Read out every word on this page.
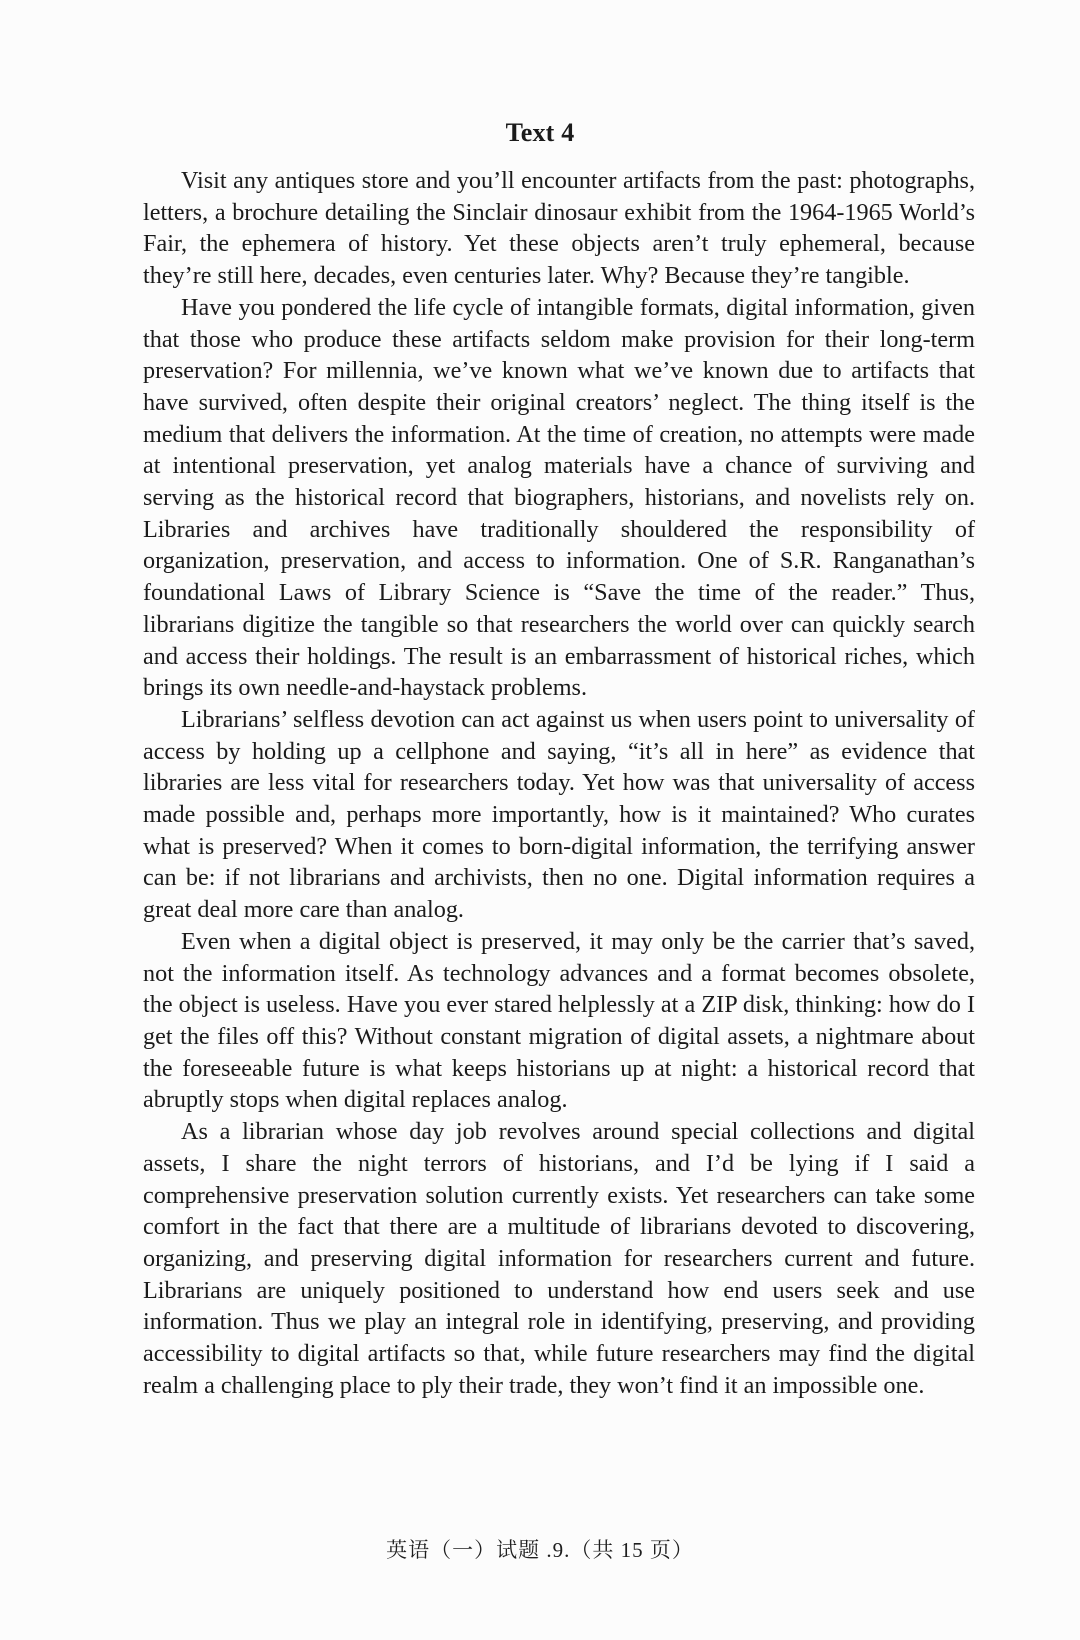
Text 4

Visit any antiques store and you’ll encounter artifacts from the past: photographs, letters, a brochure detailing the Sinclair dinosaur exhibit from the 1964-1965 World’s Fair, the ephemera of history. Yet these objects aren’t truly ephemeral, because they’re still here, decades, even centuries later. Why? Because they’re tangible.

Have you pondered the life cycle of intangible formats, digital information, given that those who produce these artifacts seldom make provision for their long-term preservation? For millennia, we’ve known what we’ve known due to artifacts that have survived, often despite their original creators’ neglect. The thing itself is the medium that delivers the information. At the time of creation, no attempts were made at intentional preservation, yet analog materials have a chance of surviving and serving as the historical record that biographers, historians, and novelists rely on. Libraries and archives have traditionally shouldered the responsibility of organization, preservation, and access to information. One of S.R. Ranganathan’s foundational Laws of Library Science is “Save the time of the reader.” Thus, librarians digitize the tangible so that researchers the world over can quickly search and access their holdings. The result is an embarrassment of historical riches, which brings its own needle-and-haystack problems.

Librarians’ selfless devotion can act against us when users point to universality of access by holding up a cellphone and saying, “it’s all in here” as evidence that libraries are less vital for researchers today. Yet how was that universality of access made possible and, perhaps more importantly, how is it maintained? Who curates what is preserved? When it comes to born-digital information, the terrifying answer can be: if not librarians and archivists, then no one. Digital information requires a great deal more care than analog.

Even when a digital object is preserved, it may only be the carrier that’s saved, not the information itself. As technology advances and a format becomes obsolete, the object is useless. Have you ever stared helplessly at a ZIP disk, thinking: how do I get the files off this? Without constant migration of digital assets, a nightmare about the foreseeable future is what keeps historians up at night: a historical record that abruptly stops when digital replaces analog.

As a librarian whose day job revolves around special collections and digital assets, I share the night terrors of historians, and I’d be lying if I said a comprehensive preservation solution currently exists. Yet researchers can take some comfort in the fact that there are a multitude of librarians devoted to discovering, organizing, and preserving digital information for researchers current and future. Librarians are uniquely positioned to understand how end users seek and use information. Thus we play an integral role in identifying, preserving, and providing accessibility to digital artifacts so that, while future researchers may find the digital realm a challenging place to ply their trade, they won’t find it an impossible one.

英语（一）试题 .9.（共 15 页）
